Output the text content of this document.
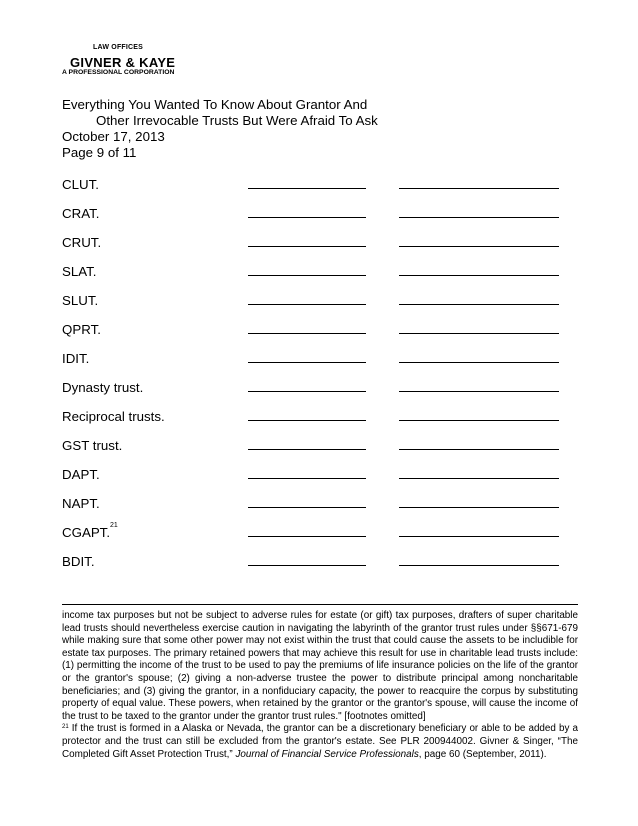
LAW OFFICES
GIVNER & KAYE
A PROFESSIONAL CORPORATION
Everything You Wanted To Know About Grantor And
Other Irrevocable Trusts But Were Afraid To Ask
October 17, 2013
Page 9 of 11
CLUT.
CRAT.
CRUT.
SLAT.
SLUT.
QPRT.
IDIT.
Dynasty trust.
Reciprocal trusts.
GST trust.
DAPT.
NAPT.
CGAPT.$^{21}$
BDIT.

income tax purposes but not be subject to adverse rules for estate (or gift) tax purposes, drafters of super charitable lead trusts should nevertheless exercise caution in navigating the labyrinth of the grantor trust rules under §§671-679 while making sure that some other power may not exist within the trust that could cause the assets to be includible for estate tax purposes. The primary retained powers that may achieve this result for use in charitable lead trusts include: (1) permitting the income of the trust to be used to pay the premiums of life insurance policies on the life of the grantor or the grantor's spouse; (2) giving a non-adverse trustee the power to distribute principal among noncharitable beneficiaries; and (3) giving the grantor, in a nonfiduciary capacity, the power to reacquire the corpus by substituting property of equal value. These powers, when retained by the grantor or the grantor's spouse, will cause the income of the trust to be taxed to the grantor under the grantor trust rules." [footnotes omitted]

$^{21}$ If the trust is formed in a Alaska or Nevada, the grantor can be a discretionary beneficiary or able to be added by a protector and the trust can still be excluded from the grantor's estate. See PLR 200944002. Givner & Singer, “The Completed Gift Asset Protection Trust,” Journal of Financial Service Professionals, page 60 (September, 2011).
